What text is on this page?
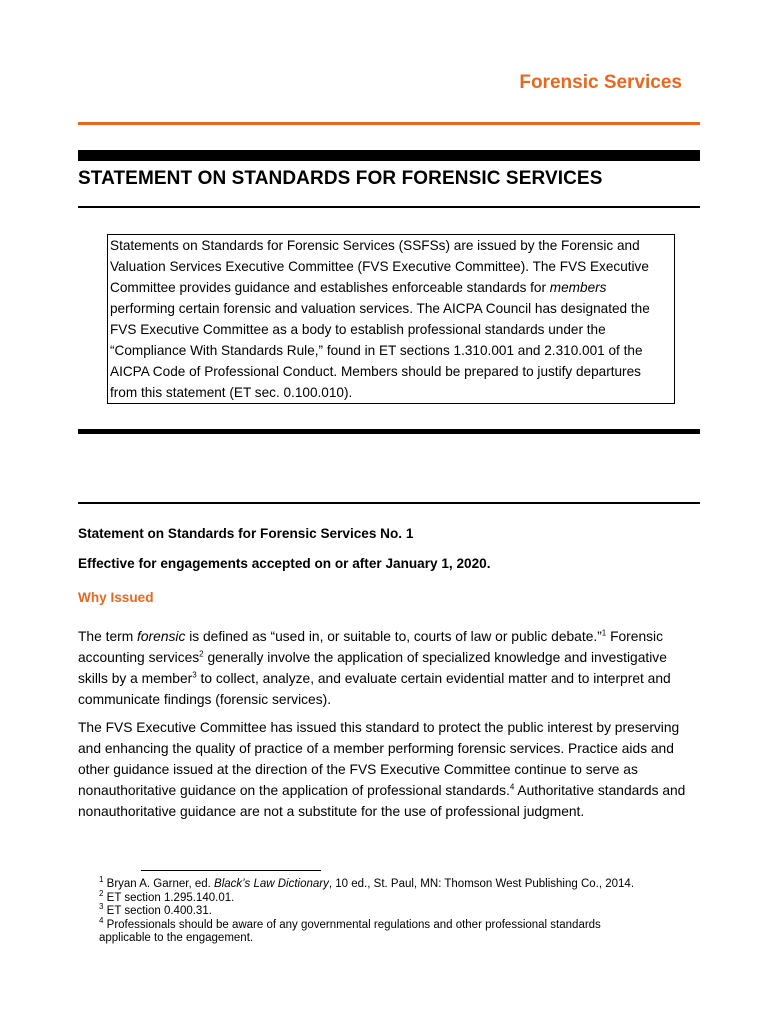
Forensic Services
STATEMENT ON STANDARDS FOR FORENSIC SERVICES
Statements on Standards for Forensic Services (SSFSs) are issued by the Forensic and
Valuation Services Executive Committee (FVS Executive Committee). The FVS Executive
Committee provides guidance and establishes enforceable standards for members
performing certain forensic and valuation services. The AICPA Council has designated the
FVS Executive Committee as a body to establish professional standards under the
“Compliance With Standards Rule,” found in ET sections 1.310.001 and 2.310.001 of the
AICPA Code of Professional Conduct. Members should be prepared to justify departures
from this statement (ET sec. 0.100.010).
Statement on Standards for Forensic Services No. 1
Effective for engagements accepted on or after January 1, 2020.
Why Issued
The term forensic is defined as “used in, or suitable to, courts of law or public debate.”$^1$ Forensic
accounting services$^2$ generally involve the application of specialized knowledge and investigative
skills by a member$^3$ to collect, analyze, and evaluate certain evidential matter and to interpret and
communicate findings (forensic services).
The FVS Executive Committee has issued this standard to protect the public interest by preserving
and enhancing the quality of practice of a member performing forensic services. Practice aids and
other guidance issued at the direction of the FVS Executive Committee continue to serve as
nonauthoritative guidance on the application of professional standards.$^4$ Authoritative standards and
nonauthoritative guidance are not a substitute for the use of professional judgment.
$^1$ Bryan A. Garner, ed. Black’s Law Dictionary, 10 ed., St. Paul, MN: Thomson West Publishing Co., 2014.
$^2$ ET section 1.295.140.01.
$^3$ ET section 0.400.31.
$^4$ Professionals should be aware of any governmental regulations and other professional standards
applicable to the engagement.
